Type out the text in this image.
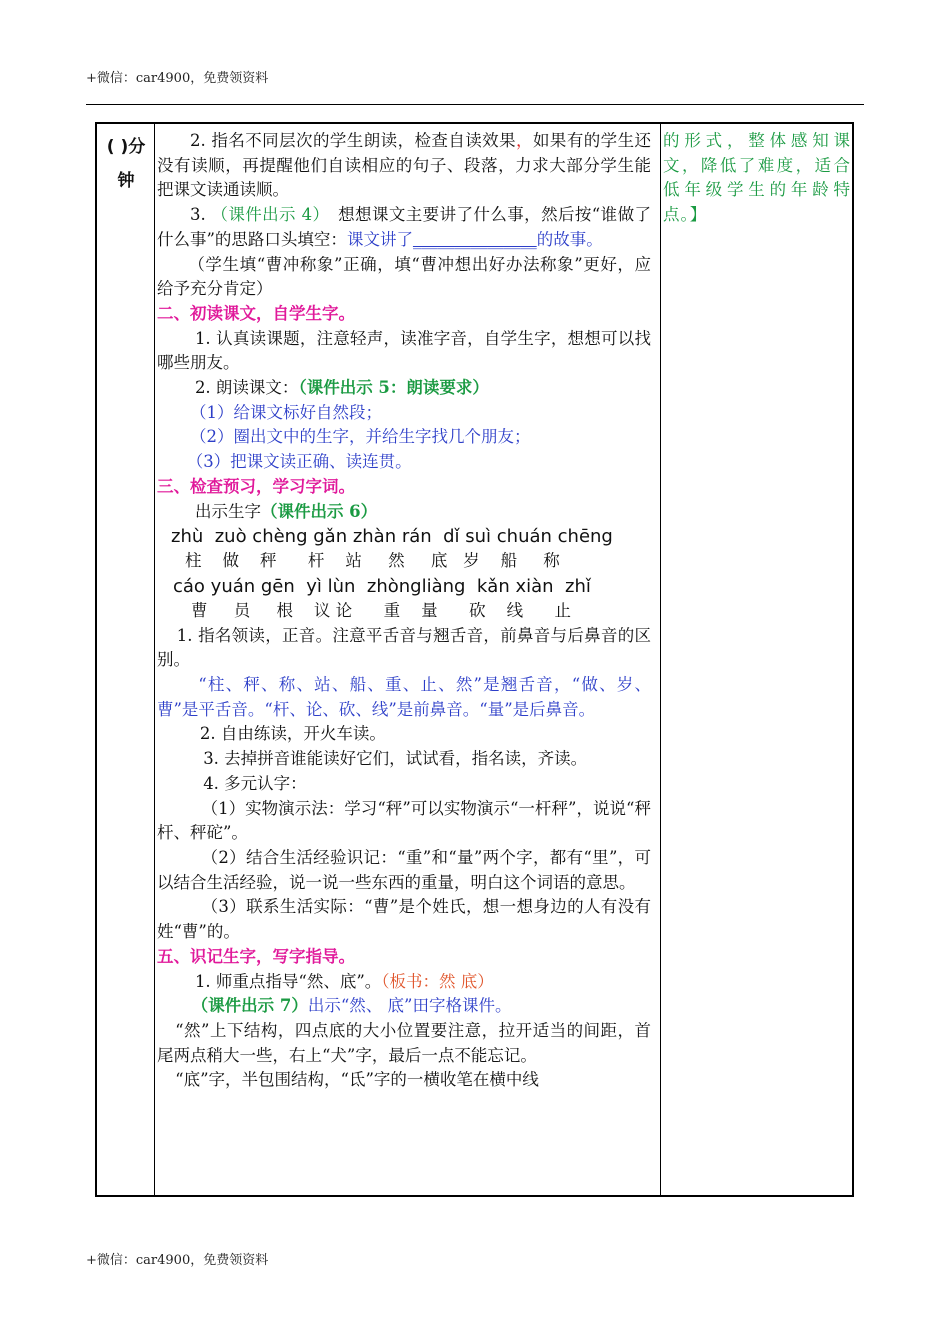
+微信：car4900，免费领资料
( )分
钟

2. 指名不同层次的学生朗读，检查自读效果，如果有的学生还没有读顺，再提醒他们自读相应的句子、段落，力求大部分学生能把课文读通读顺。

3. （课件出示 4）　想想课文主要讲了什么事，然后按“谁做了什么事”的思路口头填空：课文讲了_______________的故事。

（学生填“曹冲称象”正确，填“曹冲想出好办法称象”更好，应给予充分肯定）

二、初读课文，自学生字。

1. 认真读课题，注意轻声，读准字音，自学生字，想想可以找哪些朋友。

2. 朗读课文：（课件出示 5：朗读要求）

（1）给课文标好自然段；

（2）圈出文中的生字，并给生字找几个朋友；

（3）把课文读正确、读连贯。

三、检查预习，学习字词。

出示生字（课件出示 6）

zhù  zuò chèng gǎn zhàn rán  dǐ suì chuán chēng

柱    做    秤      杆    站     然     底   岁    船     称

cáo yuán gēn  yì lùn  zhòngliàng  kǎn xiàn  zhǐ

曹     员     根    议 论      重    量      砍    线      止

1. 指名领读，正音。注意平舌音与翘舌音，前鼻音与后鼻音的区别。

“柱、秤、称、站、船、重、止、然”是翘舌音，“做、岁、曹”是平舌音。“杆、论、砍、线”是前鼻音。“量”是后鼻音。

2. 自由练读，开火车读。

3. 去掉拼音谁能读好它们，试试看，指名读，齐读。

4. 多元认字：

（1）实物演示法：学习“秤”可以实物演示“一杆秤”，说说“秤杆、秤砣”。

（2）结合生活经验识记：“重”和“量”两个字，都有“里”，可以结合生活经验，说一说一些东西的重量，明白这个词语的意思。

（3）联系生活实际：“曹”是个姓氏，想一想身边的人有没有姓“曹”的。

五、识记生字，写字指导。

1. 师重点指导“然、底”。（板书：然 底）

（课件出示 7）出示“然、 底”田字格课件。

“然”上下结构，四点底的大小位置要注意，拉开适当的间距，首尾两点稍大一些，右上“犬”字，最后一点不能忘记。

“底”字，半包围结构，“氐”字的一横收笔在横中线

的形式，整体感知课文，降低了难度，适合低年级学生的年龄特点。】
+微信：car4900，免费领资料
